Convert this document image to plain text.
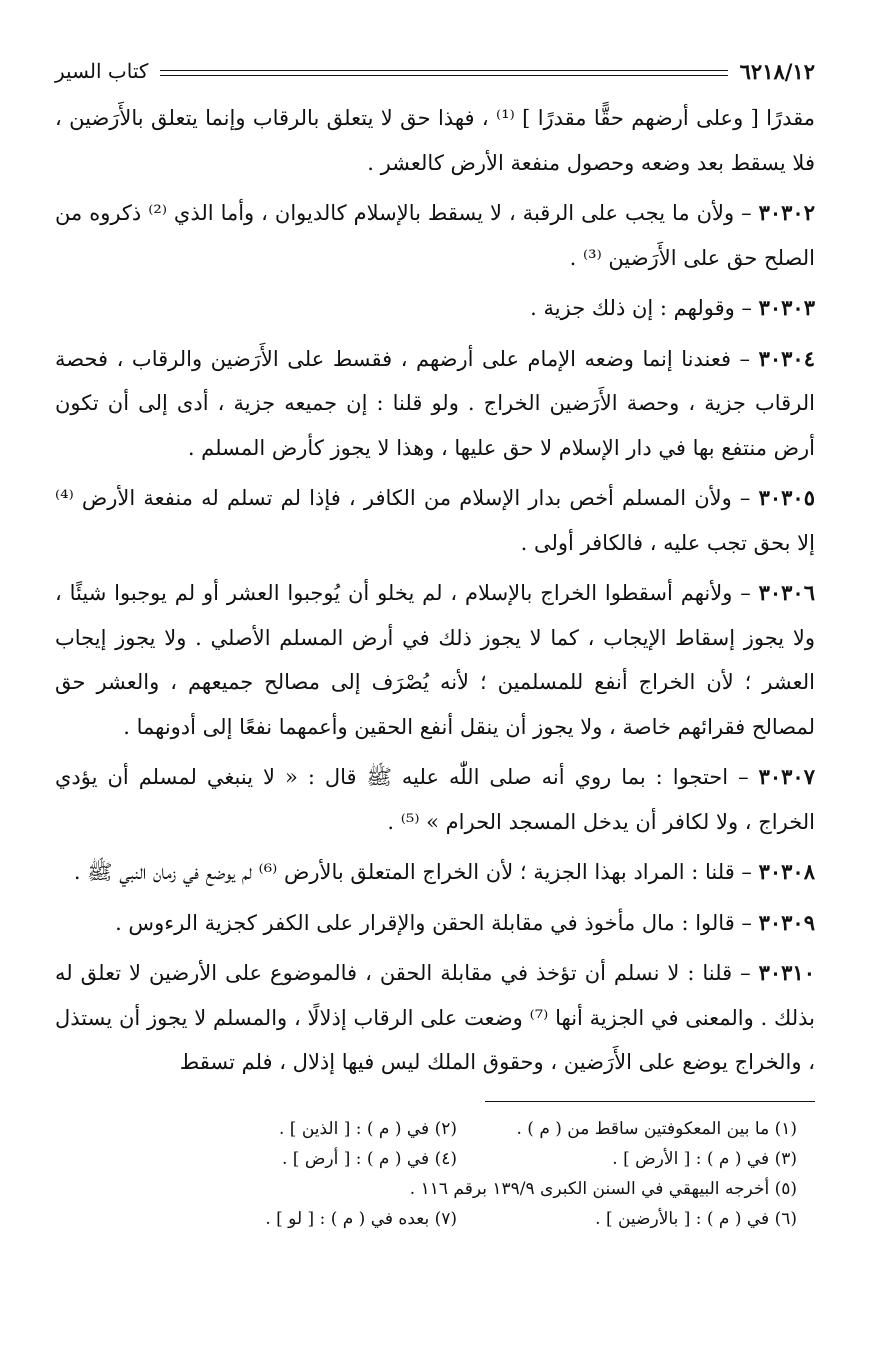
٦٢١٨/١٢
كتاب السير

مقدرًا [ وعلى أرضهم حقًّا مقدرًا ] ⁽¹⁾ ، فهذا حق لا يتعلق بالرقاب وإنما يتعلق بالأَرَضين ، فلا يسقط بعد وضعه وحصول منفعة الأرض كالعشر .

٣٠٣٠٢ – ولأن ما يجب على الرقبة ، لا يسقط بالإسلام كالديوان ، وأما الذي ⁽²⁾ ذكروه من الصلح حق على الأَرَضين ⁽³⁾ .

٣٠٣٠٣ – وقولهم : إن ذلك جزية .

٣٠٣٠٤ – فعندنا إنما وضعه الإمام على أرضهم ، فقسط على الأَرَضين والرقاب ، فحصة الرقاب جزية ، وحصة الأَرَضين الخراج . ولو قلنا : إن جميعه جزية ، أدى إلى أن تكون أرض منتفع بها في دار الإسلام لا حق عليها ، وهذا لا يجوز كأرض المسلم .

٣٠٣٠٥ – ولأن المسلم أخص بدار الإسلام من الكافر ، فإذا لم تسلم له منفعة الأرض ⁽⁴⁾ إلا بحق تجب عليه ، فالكافر أولى .

٣٠٣٠٦ – ولأنهم أسقطوا الخراج بالإسلام ، لم يخلو أن يُوجبوا العشر أو لم يوجبوا شيئًا ، ولا يجوز إسقاط الإيجاب ، كما لا يجوز ذلك في أرض المسلم الأصلي . ولا يجوز إيجاب العشر ؛ لأن الخراج أنفع للمسلمين ؛ لأنه يُصْرَف إلى مصالح جميعهم ، والعشر حق لمصالح فقرائهم خاصة ، ولا يجوز أن ينقل أنفع الحقين وأعمهما نفعًا إلى أدونهما .

٣٠٣٠٧ – احتجوا : بما روي أنه صلى اللّٰه عليه ﷺ قال : « لا ينبغي لمسلم أن يؤدي الخراج ، ولا لكافر أن يدخل المسجد الحرام » ⁽⁵⁾ .

٣٠٣٠٨ – قلنا : المراد بهذا الجزية ؛ لأن الخراج المتعلق بالأرض ⁽⁶⁾ لم يوضع في زمان النبي ﷺ .

٣٠٣٠٩ – قالوا : مال مأخوذ في مقابلة الحقن والإقرار على الكفر كجزية الرءوس .

٣٠٣١٠ – قلنا : لا نسلم أن تؤخذ في مقابلة الحقن ، فالموضوع على الأرضين لا تعلق له بذلك . والمعنى في الجزية أنها ⁽⁷⁾ وضعت على الرقاب إذلالًا ، والمسلم لا يجوز أن يستذل ، والخراج يوضع على الأَرَضين ، وحقوق الملك ليس فيها إذلال ، فلم تسقط

(١) ما بين المعكوفتين ساقط من ( م ) .
(٢) في ( م ) : [ الذين ] .
(٣) في ( م ) : [ الأرض ] .
(٤) في ( م ) : [ أرض ] .
(٥) أخرجه البيهقي في السنن الكبرى ١٣٩/٩ برقم ١١٦ .
(٦) في ( م ) : [ بالأرضين ] .
(٧) بعده في ( م ) : [ لو ] .
